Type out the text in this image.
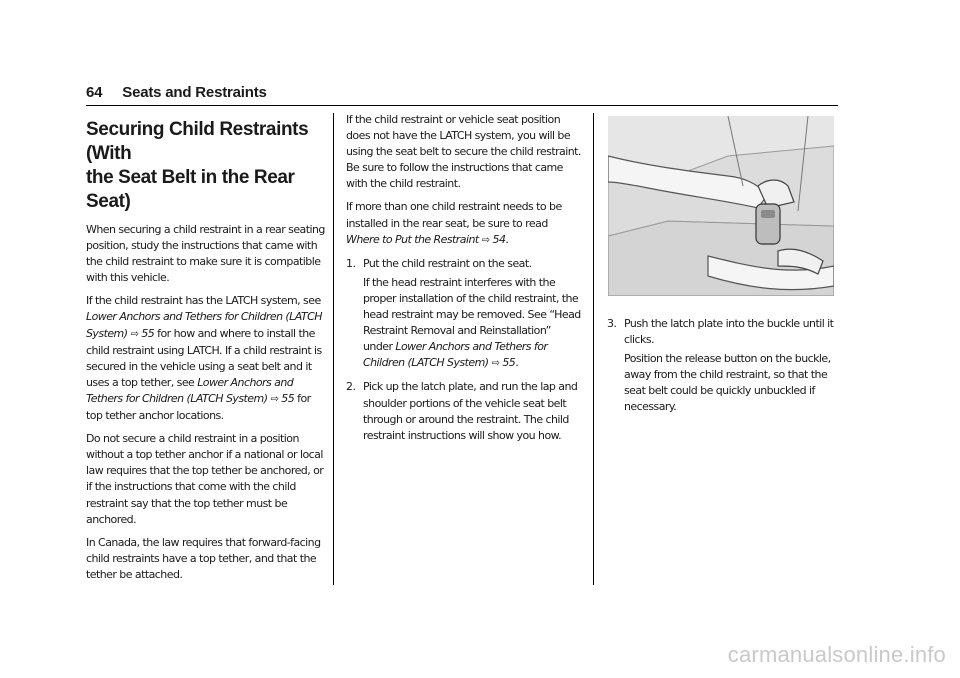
64 Seats and Restraints
Securing Child Restraints (With
the Seat Belt in the Rear Seat)

When securing a child restraint in a rear seating position, study the instructions that came with the child restraint to make sure it is compatible with this vehicle.

If the child restraint has the LATCH system, see Lower Anchors and Tethers for Children (LATCH System) ⇨ 55 for how and where to install the child restraint using LATCH. If a child restraint is secured in the vehicle using a seat belt and it uses a top tether, see Lower Anchors and Tethers for Children (LATCH System) ⇨ 55 for top tether anchor locations.

Do not secure a child restraint in a position without a top tether anchor if a national or local law requires that the top tether be anchored, or if the instructions that come with the child restraint say that the top tether must be anchored.

In Canada, the law requires that forward-facing child restraints have a top tether, and that the tether be attached.

If the child restraint or vehicle seat position does not have the LATCH system, you will be using the seat belt to secure the child restraint. Be sure to follow the instructions that came with the child restraint.

If more than one child restraint needs to be installed in the rear seat, be sure to read Where to Put the Restraint ⇨ 54.

1. Put the child restraint on the seat.

If the head restraint interferes with the proper installation of the child restraint, the head restraint may be removed. See “Head Restraint Removal and Reinstallation” under Lower Anchors and Tethers for Children (LATCH System) ⇨ 55.

2. Pick up the latch plate, and run the lap and shoulder portions of the vehicle seat belt through or around the restraint. The child restraint instructions will show you how.
3. Push the latch plate into the buckle until it clicks.

Position the release button on the buckle, away from the child restraint, so that the seat belt could be quickly unbuckled if necessary.

carmanualsonline.info
